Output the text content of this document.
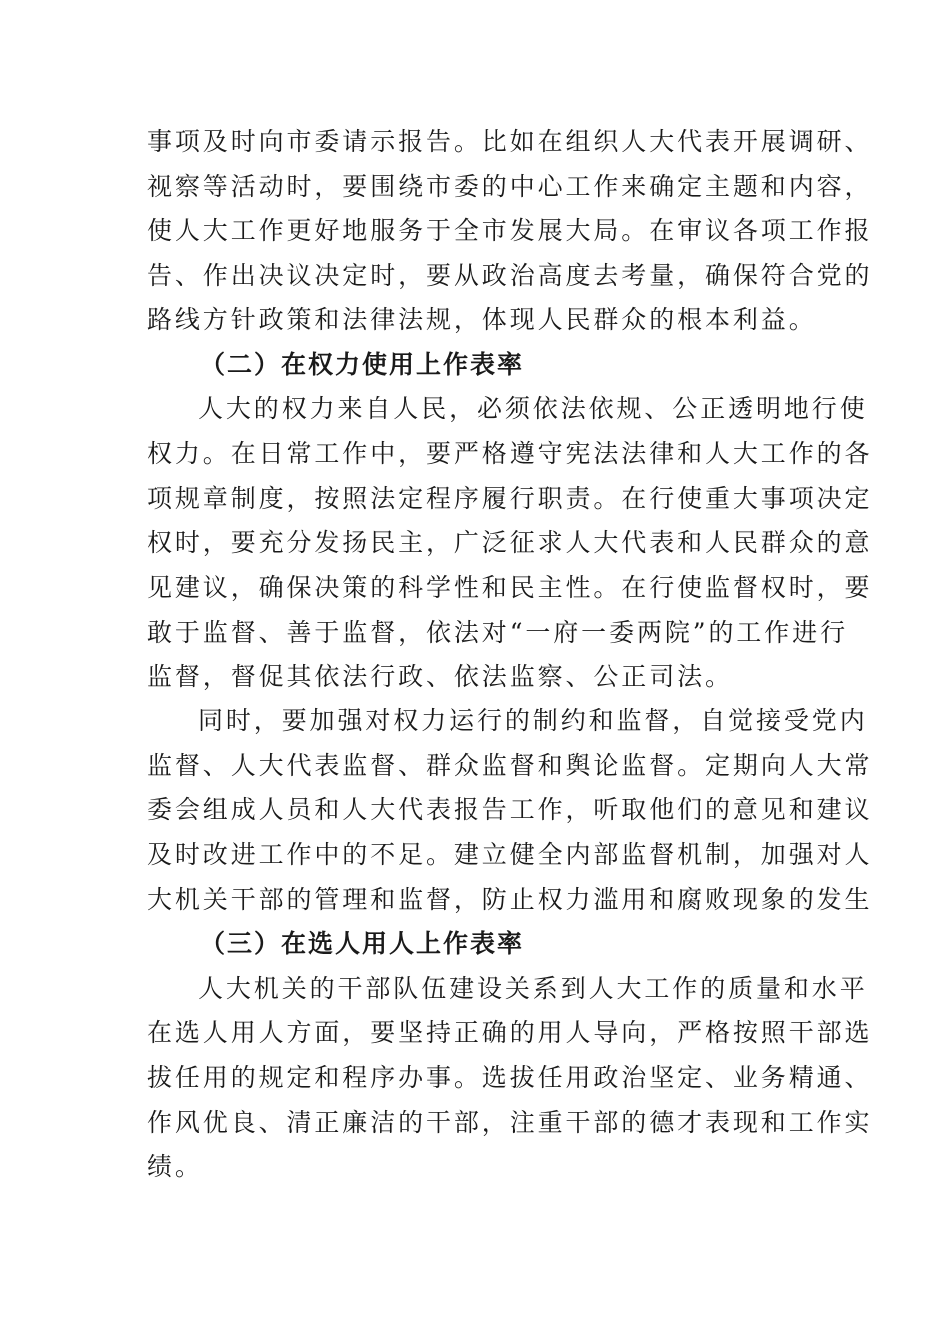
事项及时向市委请示报告。比如在组织人大代表开展调研、
视察等活动时，要围绕市委的中心工作来确定主题和内容，
使人大工作更好地服务于全市发展大局。在审议各项工作报
告、作出决议决定时，要从政治高度去考量，确保符合党的
路线方针政策和法律法规，体现人民群众的根本利益。
（二）在权力使用上作表率
人大的权力来自人民，必须依法依规、公正透明地行使
权力。在日常工作中，要严格遵守宪法法律和人大工作的各
项规章制度，按照法定程序履行职责。在行使重大事项决定
权时，要充分发扬民主，广泛征求人大代表和人民群众的意
见建议，确保决策的科学性和民主性。在行使监督权时，要
敢于监督、善于监督，依法对“一府一委两院”的工作进行
监督，督促其依法行政、依法监察、公正司法。
同时，要加强对权力运行的制约和监督，自觉接受党内
监督、人大代表监督、群众监督和舆论监督。定期向人大常
委会组成人员和人大代表报告工作，听取他们的意见和建议
及时改进工作中的不足。建立健全内部监督机制，加强对人
大机关干部的管理和监督，防止权力滥用和腐败现象的发生
（三）在选人用人上作表率
人大机关的干部队伍建设关系到人大工作的质量和水平
在选人用人方面，要坚持正确的用人导向，严格按照干部选
拔任用的规定和程序办事。选拔任用政治坚定、业务精通、
作风优良、清正廉洁的干部，注重干部的德才表现和工作实
绩。
